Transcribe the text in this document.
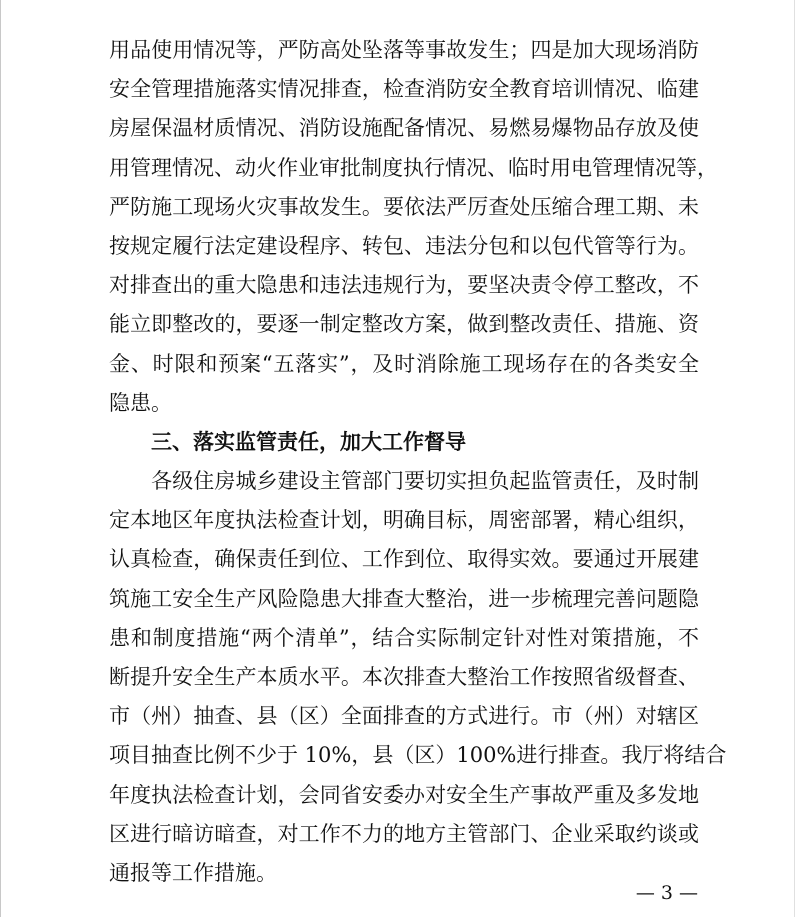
用品使用情况等，严防高处坠落等事故发生；四是加大现场消防
安全管理措施落实情况排查，检查消防安全教育培训情况、临建
房屋保温材质情况、消防设施配备情况、易燃易爆物品存放及使
用管理情况、动火作业审批制度执行情况、临时用电管理情况等，
严防施工现场火灾事故发生。要依法严厉查处压缩合理工期、未
按规定履行法定建设程序、转包、违法分包和以包代管等行为。
对排查出的重大隐患和违法违规行为，要坚决责令停工整改，不
能立即整改的，要逐一制定整改方案，做到整改责任、措施、资
金、时限和预案“五落实”，及时消除施工现场存在的各类安全
隐患。
三、落实监管责任，加大工作督导
　　各级住房城乡建设主管部门要切实担负起监管责任，及时制
定本地区年度执法检查计划，明确目标，周密部署，精心组织，
认真检查，确保责任到位、工作到位、取得实效。要通过开展建
筑施工安全生产风险隐患大排查大整治，进一步梳理完善问题隐
患和制度措施“两个清单”，结合实际制定针对性对策措施，不
断提升安全生产本质水平。本次排查大整治工作按照省级督查、
市（州）抽查、县（区）全面排查的方式进行。市（州）对辖区
项目抽查比例不少于 10%，县（区）100%进行排查。我厅将结合
年度执法检查计划，会同省安委办对安全生产事故严重及多发地
区进行暗访暗查，对工作不力的地方主管部门、企业采取约谈或
通报等工作措施。
— 3 —
